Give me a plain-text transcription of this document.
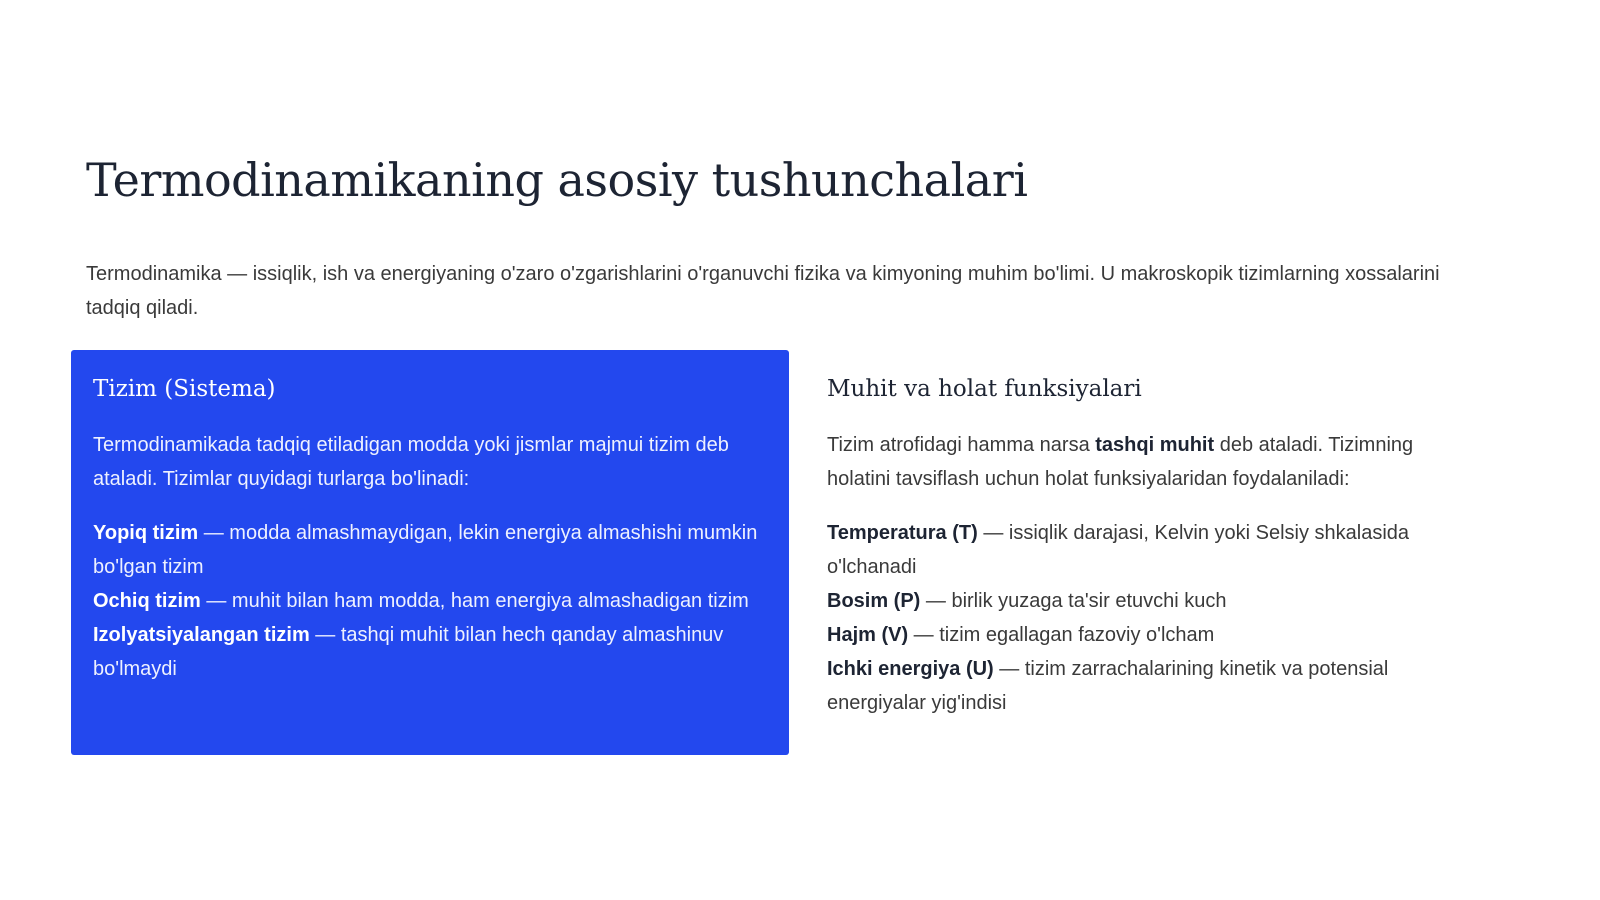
Termodinamikaning asosiy tushunchalari

Termodinamika — issiqlik, ish va energiyaning o'zaro o'zgarishlarini o'rganuvchi fizika va kimyoning muhim bo'limi. U makroskopik tizimlarning xossalarini tadqiq qiladi.

Tizim (Sistema)

Termodinamikada tadqiq etiladigan modda yoki jismlar majmui tizim deb ataladi. Tizimlar quyidagi turlarga bo'linadi:

Yopiq tizim — modda almashmaydigan, lekin energiya almashishi mumkin bo'lgan tizim
Ochiq tizim — muhit bilan ham modda, ham energiya almashadigan tizim
Izolyatsiyalangan tizim — tashqi muhit bilan hech qanday almashinuv bo'lmaydi
Muhit va holat funksiyalari

Tizim atrofidagi hamma narsa tashqi muhit deb ataladi. Tizimning holatini tavsiflash uchun holat funksiyalaridan foydalaniladi:

Temperatura (T) — issiqlik darajasi, Kelvin yoki Selsiy shkalasida o'lchanadi
Bosim (P) — birlik yuzaga ta'sir etuvchi kuch
Hajm (V) — tizim egallagan fazoviy o'lcham
Ichki energiya (U) — tizim zarrachalarining kinetik va potensial energiyalar yig'indisi
